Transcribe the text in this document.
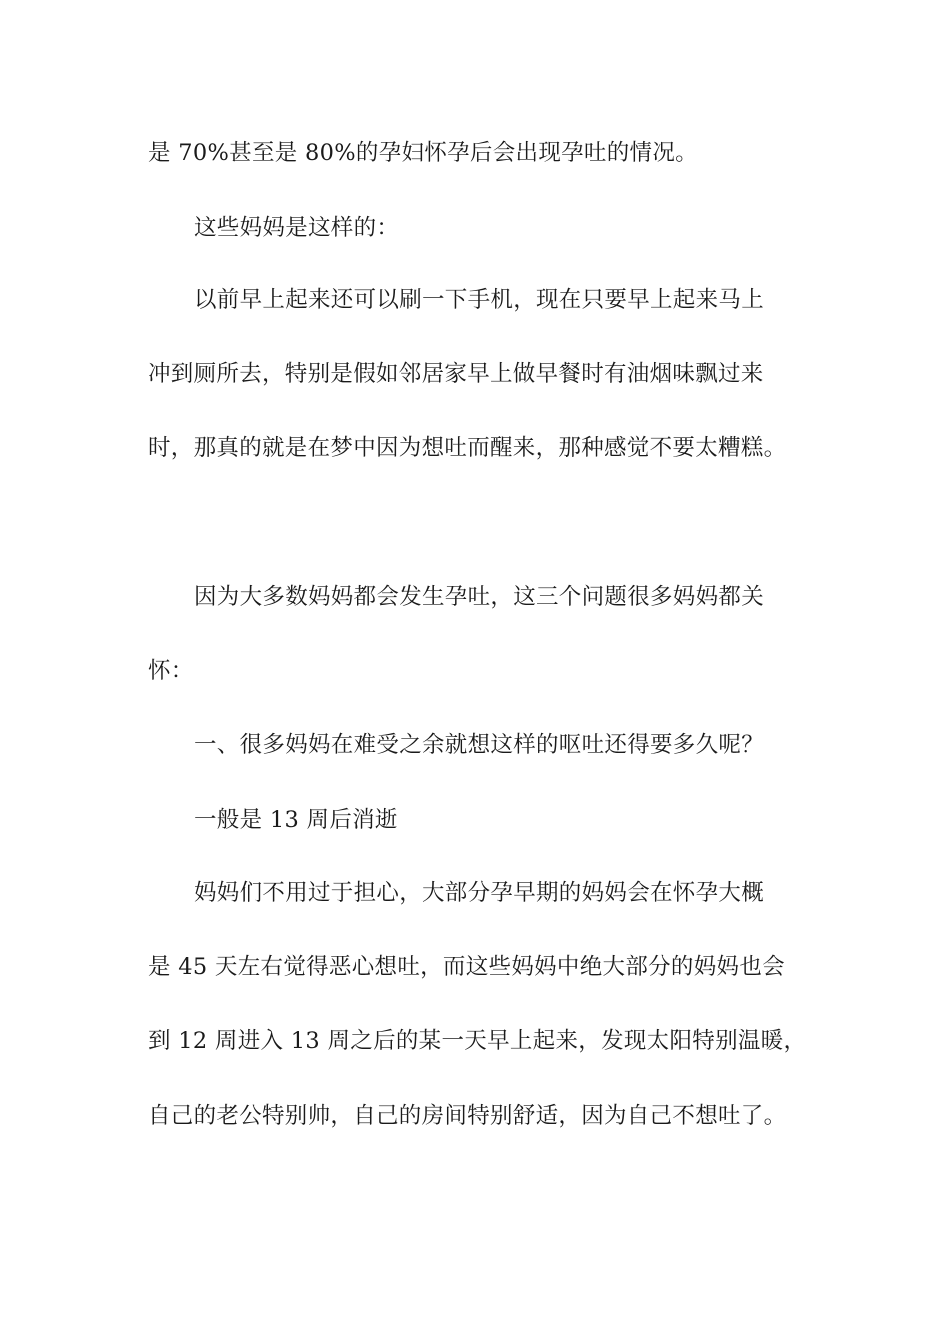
是 70%甚至是 80%的孕妇怀孕后会出现孕吐的情况。
这些妈妈是这样的：
以前早上起来还可以刷一下手机，现在只要早上起来马上
冲到厕所去，特别是假如邻居家早上做早餐时有油烟味飘过来
时，那真的就是在梦中因为想吐而醒来，那种感觉不要太糟糕。
因为大多数妈妈都会发生孕吐，这三个问题很多妈妈都关
怀：
一、很多妈妈在难受之余就想这样的呕吐还得要多久呢？
一般是 13 周后消逝
妈妈们不用过于担心，大部分孕早期的妈妈会在怀孕大概
是 45 天左右觉得恶心想吐，而这些妈妈中绝大部分的妈妈也会
到 12 周进入 13 周之后的某一天早上起来，发现太阳特别温暖，
自己的老公特别帅，自己的房间特别舒适，因为自己不想吐了。
